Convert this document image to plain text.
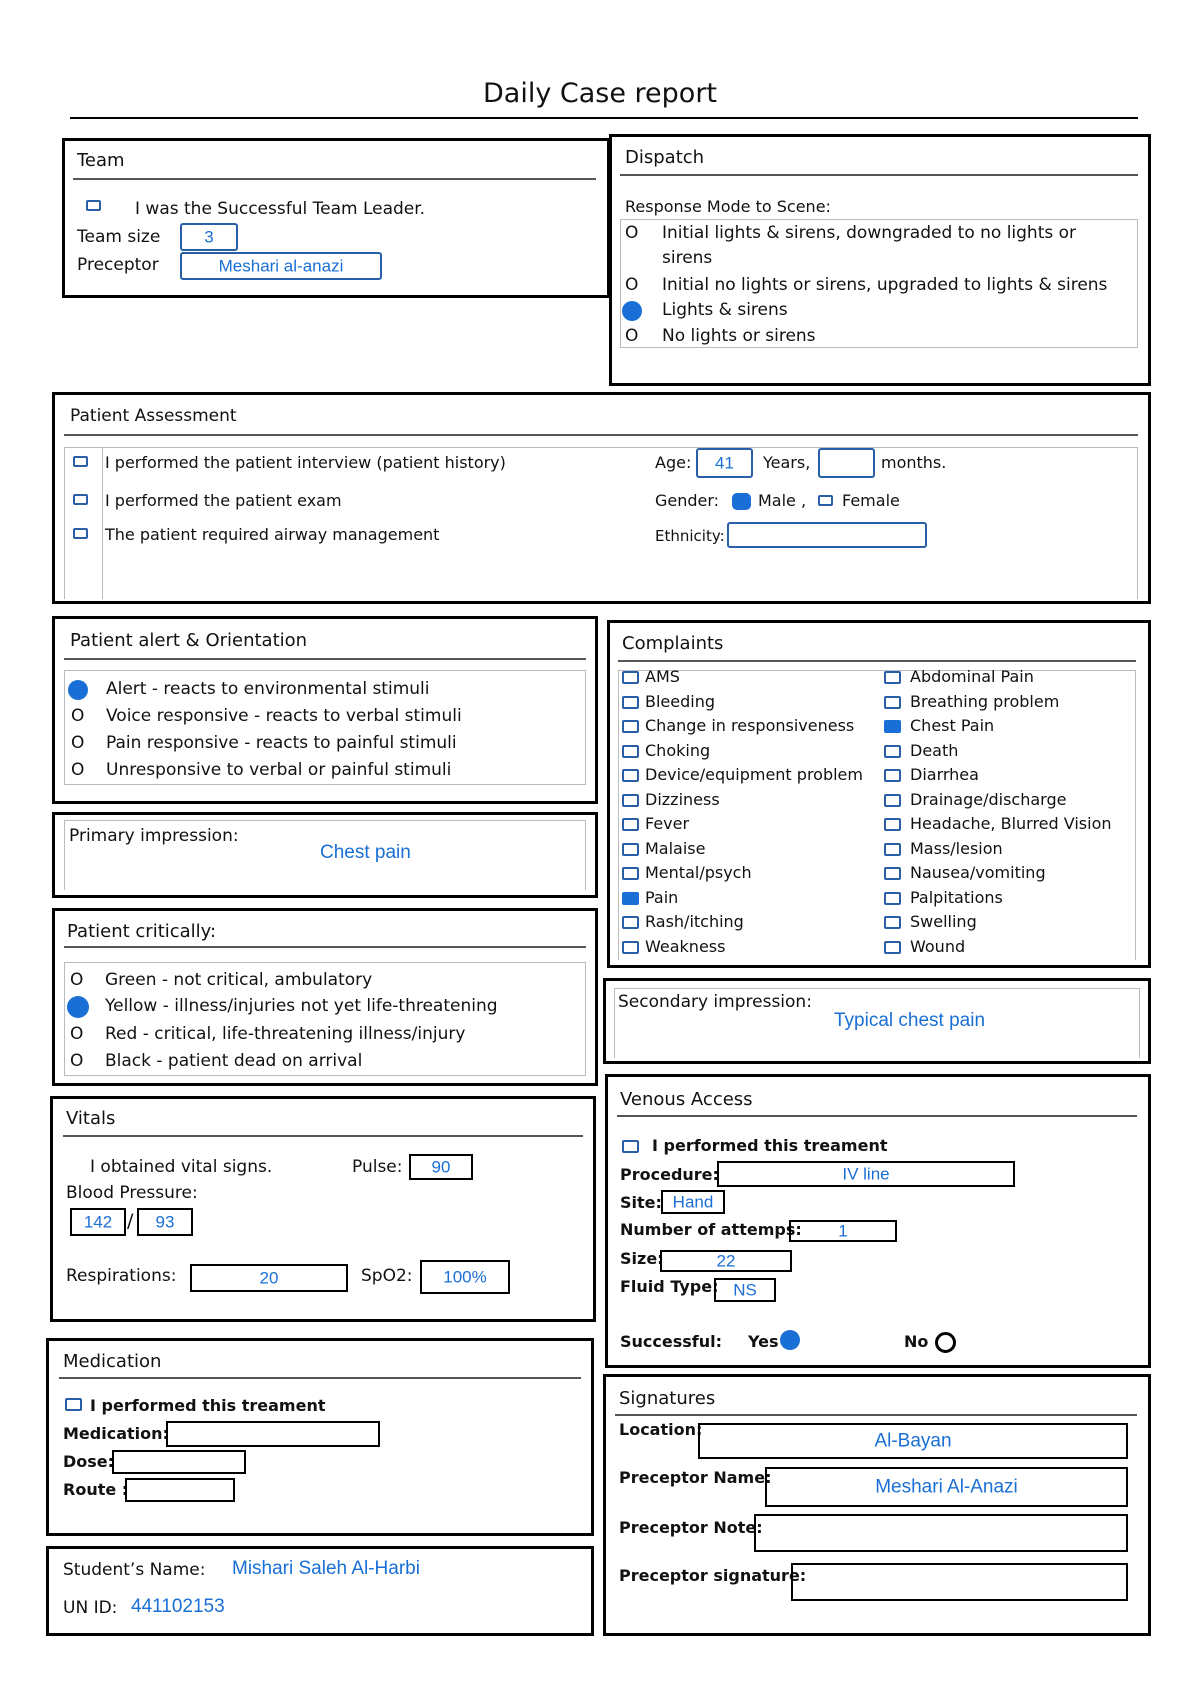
Daily Case report
Team
I was the Successful Team Leader.
Team size	3
Preceptor	Meshari al-anazi
Dispatch
Response Mode to Scene:
O Initial lights & sirens, downgraded to no lights or
sirens
O Initial no lights or sirens, upgraded to lights & sirens
Lights & sirens
O No lights or sirens
Patient Assessment
I performed the patient interview (patient history)
I performed the patient exam
The patient required airway management
Age:	41	Years,	months.
Gender: Male , Female
Ethnicity:
Patient alert & Orientation
Alert - reacts to environmental stimuli
O Voice responsive - reacts to verbal stimuli
O Pain responsive - reacts to painful stimuli
O Unresponsive to verbal or painful stimuli
Primary impression:
Chest pain
Patient critically:
O Green - not critical, ambulatory
Yellow - illness/injuries not yet life-threatening
O Red - critical, life-threatening illness/injury
O Black - patient dead on arrival
Complaints
AMS
Bleeding
Change in responsiveness
Choking
Device/equipment problem
Dizziness
Fever
Malaise
Mental/psych
Pain
Rash/itching
Weakness
Abdominal Pain
Breathing problem
Chest Pain
Death
Diarrhea
Drainage/discharge
Headache, Blurred Vision
Mass/lesion
Nausea/vomiting
Palpitations
Swelling
Wound
Secondary impression:
Typical chest pain
Vitals
I obtained vital signs.	Pulse:	90
Blood Pressure:
142 /	93
Respirations:	20	SpO2:	100%
Venous Access
I performed this treament
Procedure:	IV line
Site: Hand
Number of attemps:	1
Size:	22
Fluid Type: NS
Successful: Yes	No
Medication
I performed this treament
Medication:
Dose:
Route :
Student’s Name: Mishari Saleh Al-Harbi
UN ID: 441102153
Signatures
Location:
Al-Bayan
Preceptor Name:	Meshari Al-Anazi
Preceptor Note:
Preceptor signature:
